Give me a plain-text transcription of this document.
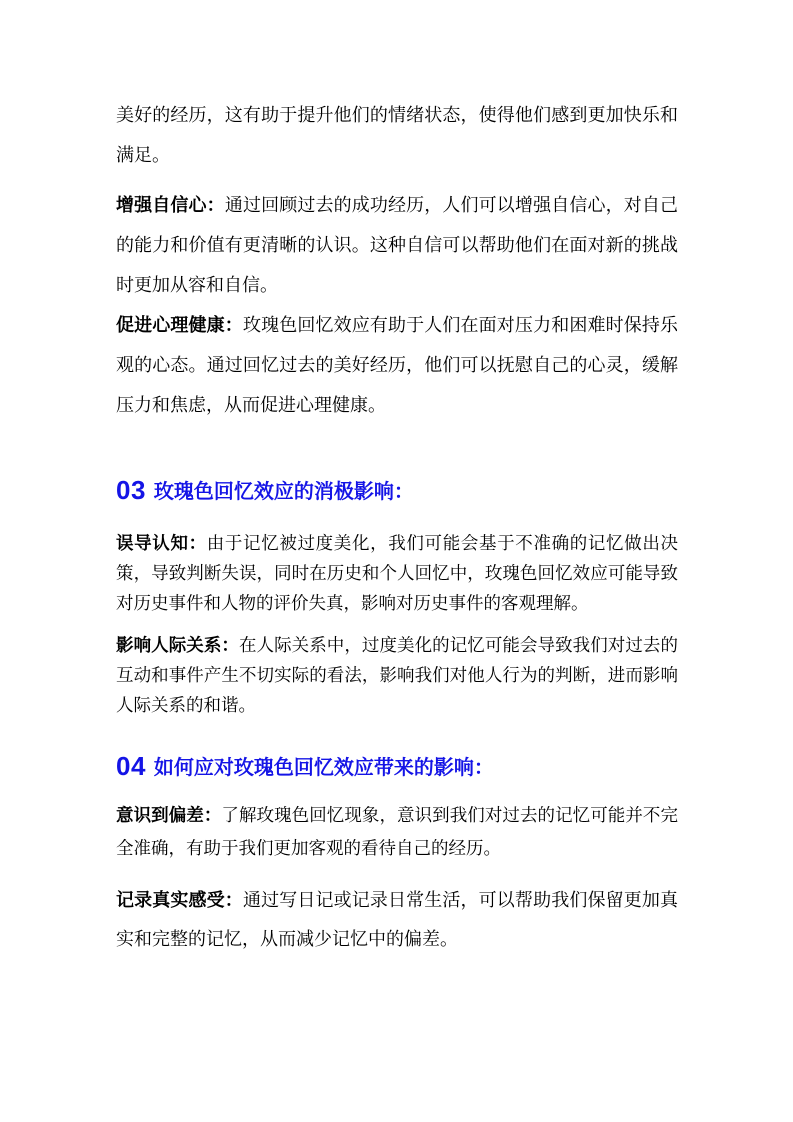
美好的经历，这有助于提升他们的情绪状态，使得他们感到更加快乐和满足。

增强自信心：通过回顾过去的成功经历，人们可以增强自信心，对自己的能力和价值有更清晰的认识。这种自信可以帮助他们在面对新的挑战时更加从容和自信。

促进心理健康：玫瑰色回忆效应有助于人们在面对压力和困难时保持乐观的心态。通过回忆过去的美好经历，他们可以抚慰自己的心灵，缓解压力和焦虑，从而促进心理健康。

03 玫瑰色回忆效应的消极影响：

误导认知：由于记忆被过度美化，我们可能会基于不准确的记忆做出决策，导致判断失误，同时在历史和个人回忆中，玫瑰色回忆效应可能导致对历史事件和人物的评价失真，影响对历史事件的客观理解。

影响人际关系：在人际关系中，过度美化的记忆可能会导致我们对过去的互动和事件产生不切实际的看法，影响我们对他人行为的判断，进而影响人际关系的和谐。

04 如何应对玫瑰色回忆效应带来的影响：

意识到偏差：了解玫瑰色回忆现象，意识到我们对过去的记忆可能并不完全准确，有助于我们更加客观的看待自己的经历。

记录真实感受：通过写日记或记录日常生活，可以帮助我们保留更加真实和完整的记忆，从而减少记忆中的偏差。
